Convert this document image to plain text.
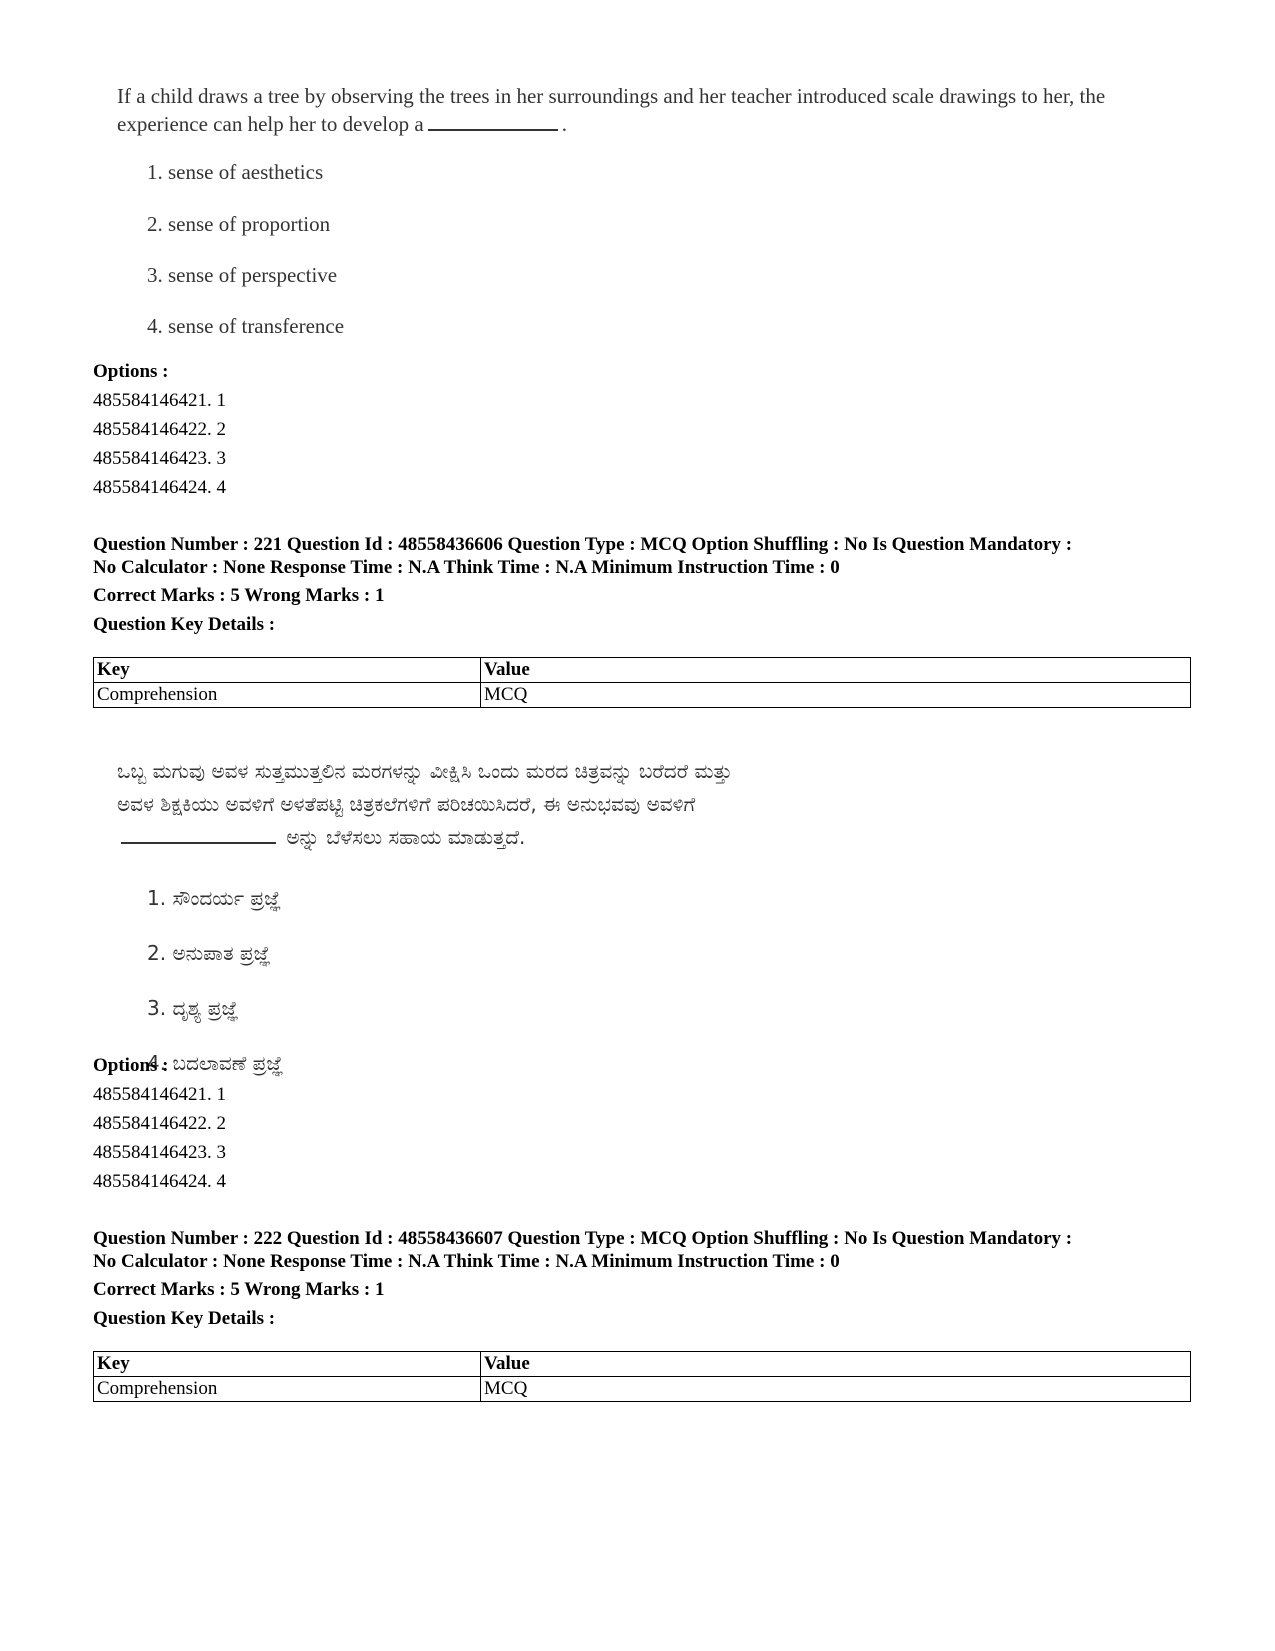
If a child draws a tree by observing the trees in her surroundings and her teacher introduced scale drawings to her, the experience can help her to develop a	.

1. sense of aesthetics
2. sense of proportion
3. sense of perspective
4. sense of transference
Options :
485584146421. 1
485584146422. 2
485584146423. 3
485584146424. 4
Question Number : 221 Question Id : 48558436606 Question Type : MCQ Option Shuffling : No Is Question Mandatory :
No Calculator : None Response Time : N.A Think Time : N.A Minimum Instruction Time : 0
Correct Marks : 5 Wrong Marks : 1
Question Key Details :
Key	Value
Comprehension	MCQ
ಒಬ್ಬ ಮಗುವು ಅವಳ ಸುತ್ತಮುತ್ತಲಿನ ಮರಗಳನ್ನು ವೀಕ್ಷಿಸಿ ಒಂದು ಮರದ ಚಿತ್ರವನ್ನು ಬರೆದರೆ ಮತ್ತು
ಅವಳ ಶಿಕ್ಷಕಿಯು ಅವಳಿಗೆ ಅಳತೆಪಟ್ಟಿ ಚಿತ್ರಕಲೆಗಳಿಗೆ ಪರಿಚಯಿಸಿದರೆ, ಈ ಅನುಭವವು ಅವಳಿಗೆ
ಅನ್ನು ಬೆಳೆಸಲು ಸಹಾಯ ಮಾಡುತ್ತದೆ.
1. ಸೌಂದರ್ಯ ಪ್ರಜ್ಞೆ
2. ಅನುಪಾತ ಪ್ರಜ್ಞೆ
3. ದೃಶ್ಯ ಪ್ರಜ್ಞೆ
4. ಬದಲಾವಣೆ ಪ್ರಜ್ಞೆ
Options :
485584146421. 1
485584146422. 2
485584146423. 3
485584146424. 4
Question Number : 222 Question Id : 48558436607 Question Type : MCQ Option Shuffling : No Is Question Mandatory :
No Calculator : None Response Time : N.A Think Time : N.A Minimum Instruction Time : 0
Correct Marks : 5 Wrong Marks : 1
Question Key Details :
Key	Value
Comprehension	MCQ
